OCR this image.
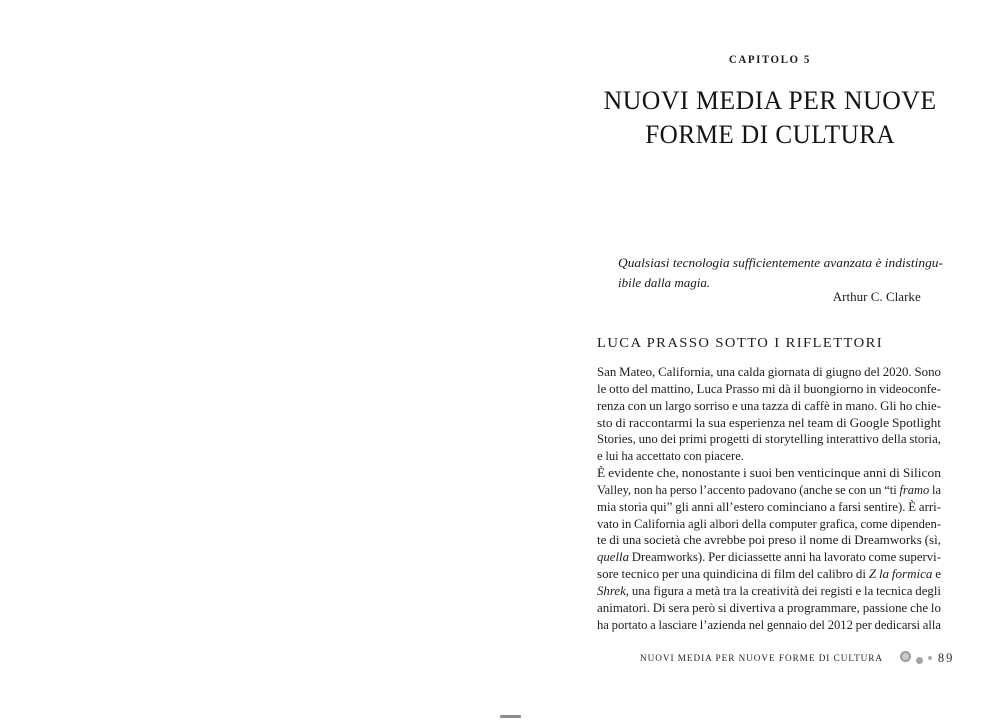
CAPITOLO 5
NUOVI MEDIA PER NUOVE
FORME DI CULTURA
Qualsiasi tecnologia sufficientemente avanzata è indistingu-
ibile dalla magia.
Arthur C. Clarke
LUCA PRASSO SOTTO I RIFLETTORI
San Mateo, California, una calda giornata di giugno del 2020. Sono
le otto del mattino, Luca Prasso mi dà il buongiorno in videoconfe-
renza con un largo sorriso e una tazza di caffè in mano. Gli ho chie-
sto di raccontarmi la sua esperienza nel team di Google Spotlight
Stories, uno dei primi progetti di storytelling interattivo della storia,
e lui ha accettato con piacere.
È evidente che, nonostante i suoi ben venticinque anni di Silicon
Valley, non ha perso l’accento padovano (anche se con un “ti framo la
mia storia qui” gli anni all’estero cominciano a farsi sentire). È arri-
vato in California agli albori della computer grafica, come dipenden-
te di una società che avrebbe poi preso il nome di Dreamworks (sì,
quella Dreamworks). Per diciassette anni ha lavorato come supervi-
sore tecnico per una quindicina di film del calibro di Z la formica e
Shrek, una figura a metà tra la creatività dei registi e la tecnica degli
animatori. Di sera però si divertiva a programmare, passione che lo
ha portato a lasciare l’azienda nel gennaio del 2012 per dedicarsi alla
NUOVI MEDIA PER NUOVE FORME DI CULTURA	89
